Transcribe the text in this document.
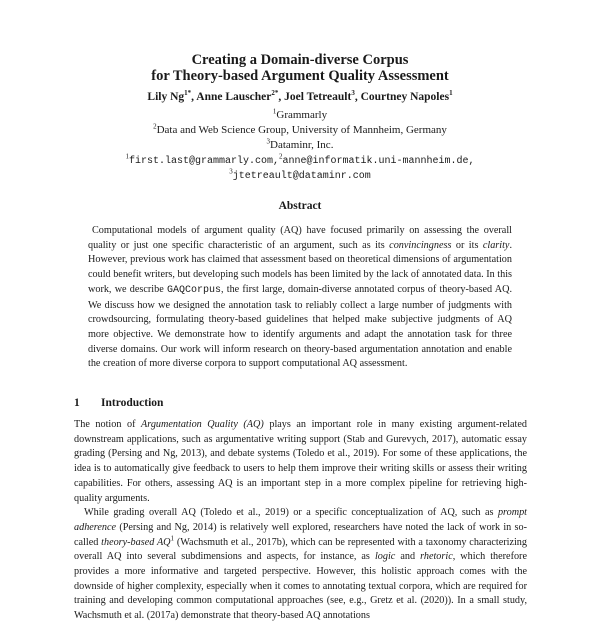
Creating a Domain-diverse Corpus
for Theory-based Argument Quality Assessment
Lily $Ng^{1*}$, Anne Lauscher$^{2*}$, Joel Tetreault$^3$, Courtney Napoles$^1$
$^1$Grammarly
$^2$Data and Web Science Group, University of Mannheim, Germany
$^3$Dataminr, Inc.
$^1$first.last@grammarly.com,$^2$anne@informatik.uni-mannheim.de,
$^3$jtetreault@dataminr.com
Abstract

Computational models of argument quality (AQ) have focused primarily on assessing the overall quality or just one specific characteristic of an argument, such as its convincingness or its clarity. However, previous work has claimed that assessment based on theoretical dimensions of argumentation could benefit writers, but developing such models has been limited by the lack of annotated data. In this work, we describe GAQCorpus, the first large, domain-diverse annotated corpus of theory-based AQ. We discuss how we designed the annotation task to reliably collect a large number of judgments with crowdsourcing, formulating theory-based guidelines that helped make subjective judgments of AQ more objective. We demonstrate how to identify arguments and adapt the annotation task for three diverse domains. Our work will inform research on theory-based argumentation annotation and enable the creation of more diverse corpora to support computational AQ assessment.

1 Introduction

The notion of Argumentation Quality (AQ) plays an important role in many existing argument-related downstream applications, such as argumentative writing support (Stab and Gurevych, 2017), automatic essay grading (Persing and Ng, 2013), and debate systems (Toledo et al., 2019). For some of these applications, the idea is to automatically give feedback to users to help them improve their writing skills or assess their writing capabilities. For others, assessing AQ is an important step in a more complex pipeline for retrieving high-quality arguments.

While grading overall AQ (Toledo et al., 2019) or a specific conceptualization of AQ, such as prompt adherence (Persing and Ng, 2014) is relatively well explored, researchers have noted the lack of work in so-called theory-based $AQ^1$ (Wachsmuth et al., 2017b), which can be represented with a taxonomy characterizing overall AQ into several subdimensions and aspects, for instance, as logic and rhetoric, which therefore provides a more informative and targeted perspective. However, this holistic approach comes with the downside of higher complexity, especially when it comes to annotating textual corpora, which are required for training and developing common computational approaches (see, e.g., Gretz et al. (2020)). In a small study, Wachsmuth et al. (2017a) demonstrate that theory-based AQ annotations
